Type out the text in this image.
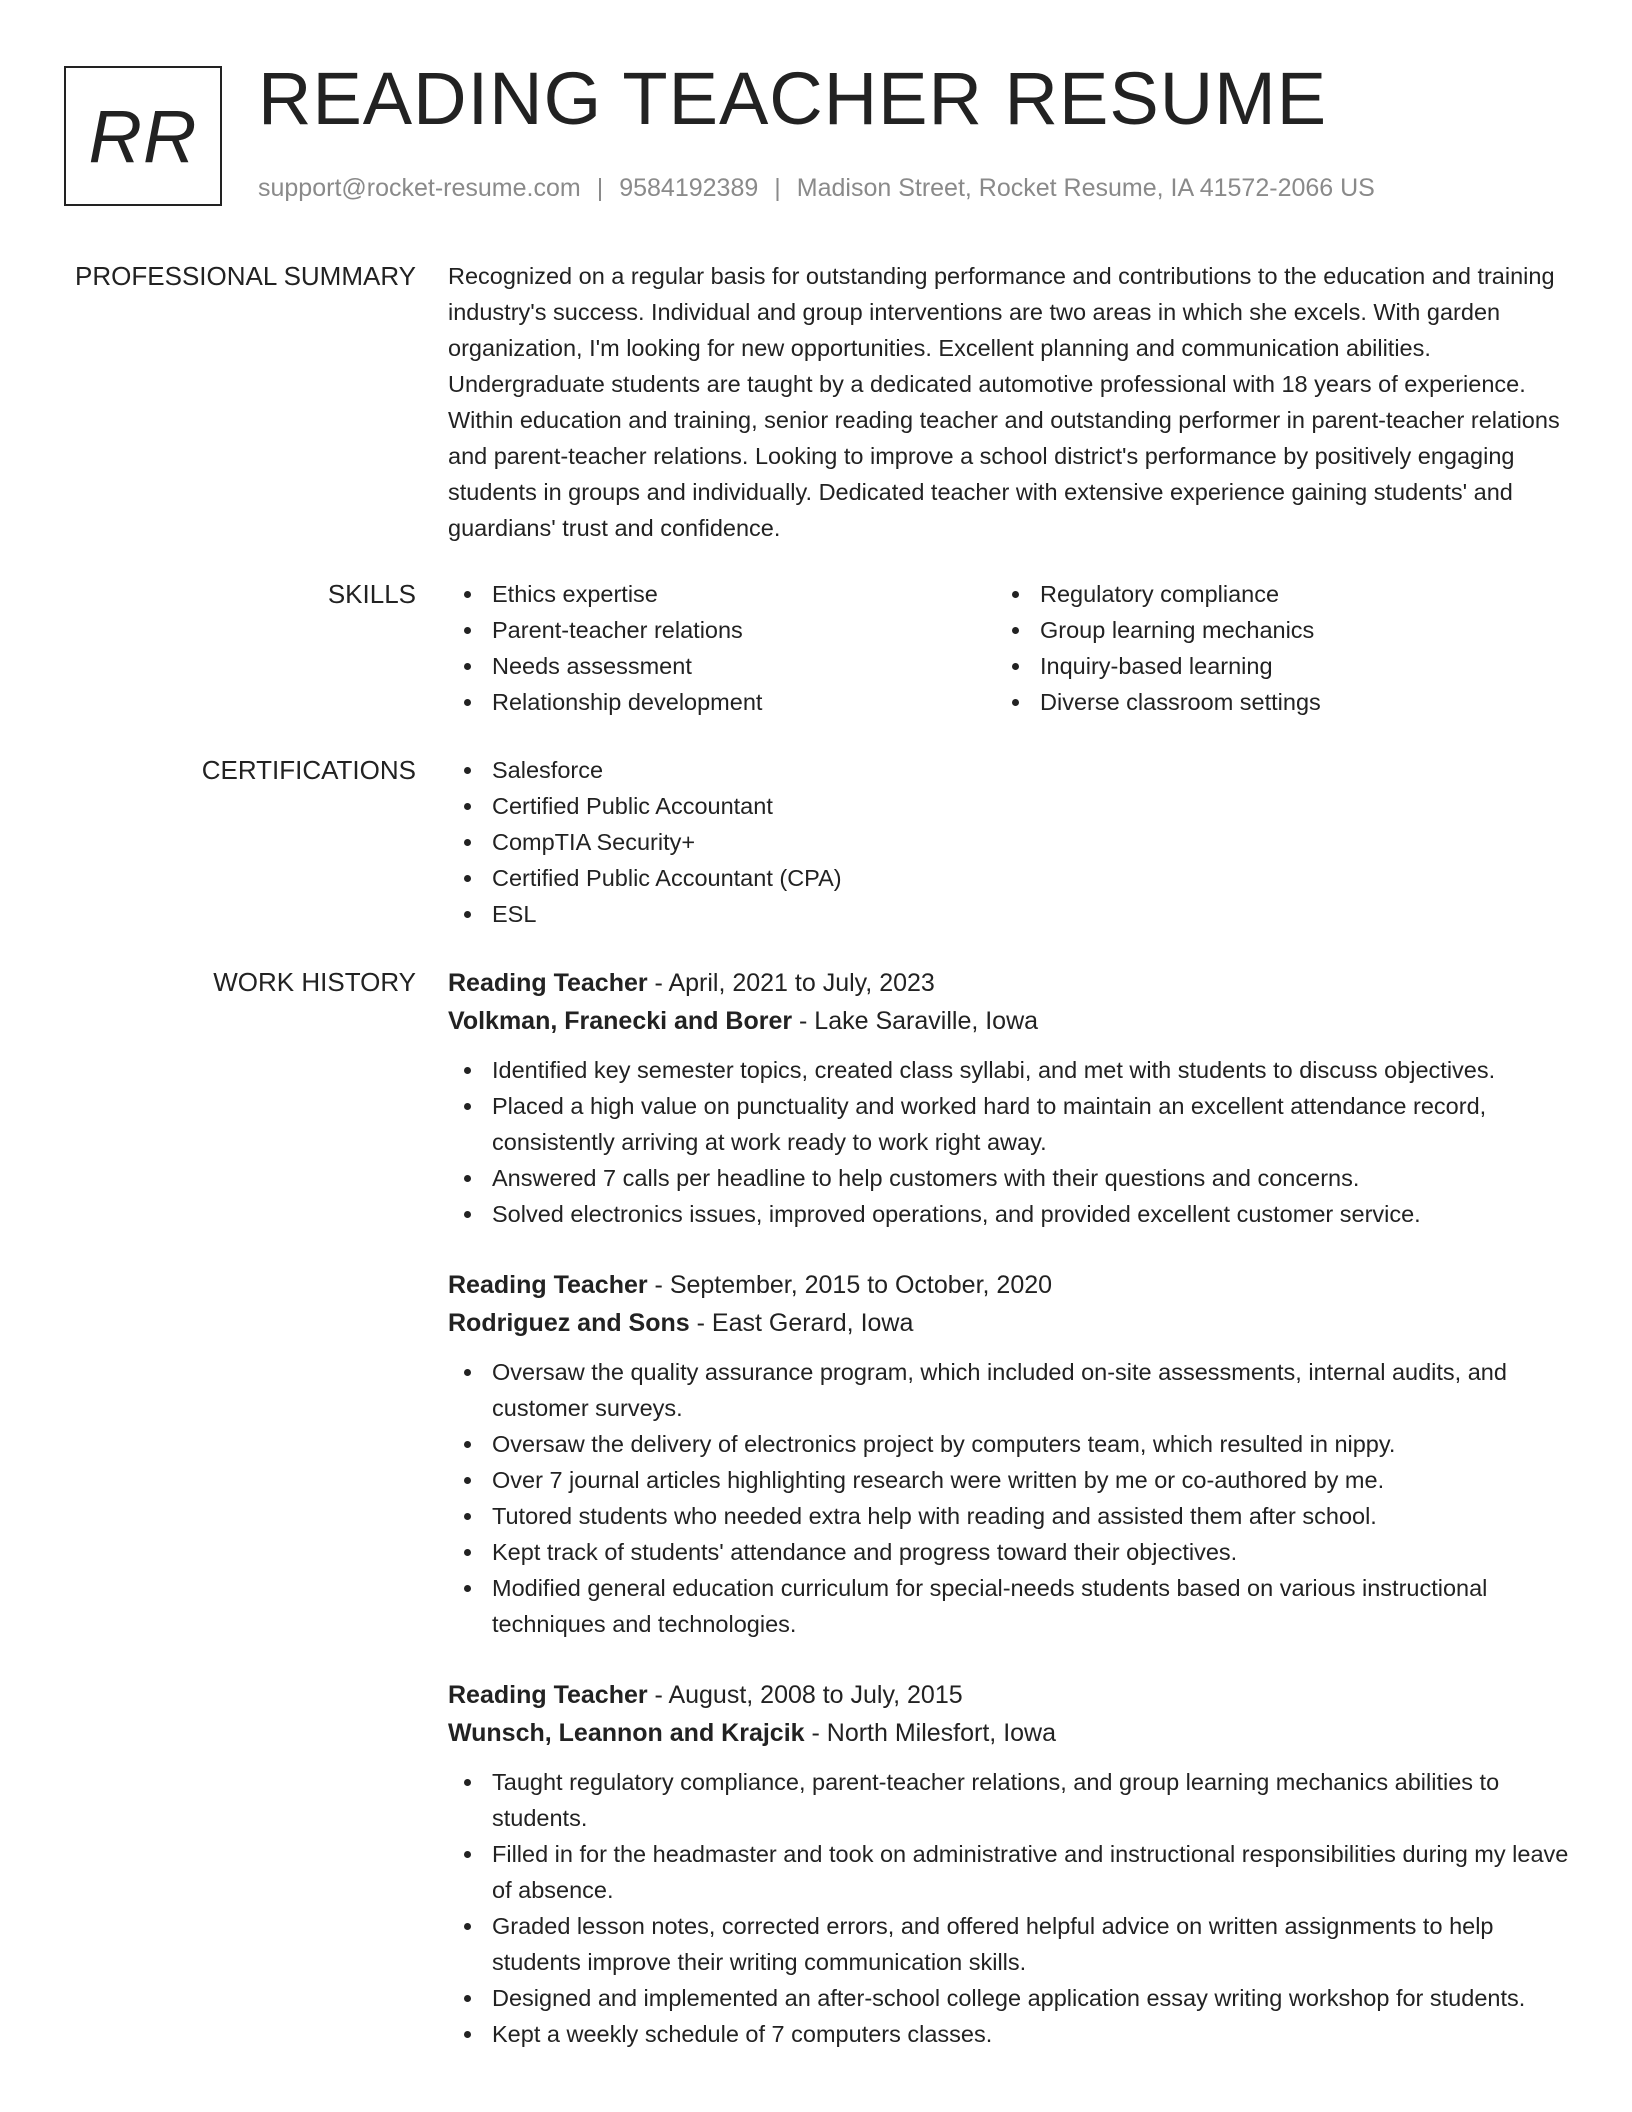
RR READING TEACHER RESUME
support@rocket-resume.com | 9584192389 | Madison Street, Rocket Resume, IA 41572-2066 US
PROFESSIONAL SUMMARY Recognized on a regular basis for outstanding performance and contributions to the education and training industry's success. Individual and group interventions are two areas in which she excels. With garden organization, I'm looking for new opportunities. Excellent planning and communication abilities. Undergraduate students are taught by a dedicated automotive professional with 18 years of experience. Within education and training, senior reading teacher and outstanding performer in parent-teacher relations and parent-teacher relations. Looking to improve a school district's performance by positively engaging students in groups and individually. Dedicated teacher with extensive experience gaining students' and guardians' trust and confidence.

SKILLS	Ethics expertise
Parent-teacher relations
Needs assessment
Relationship development
Regulatory compliance
Group learning mechanics
Inquiry-based learning
Diverse classroom settings
CERTIFICATIONS	Salesforce
Certified Public Accountant
CompTIA Security+
Certified Public Accountant (CPA)
ESL
WORK HISTORY Reading Teacher - April, 2021 to July, 2023
Volkman, Franecki and Borer - Lake Saraville, Iowa
Identified key semester topics, created class syllabi, and met with students to discuss objectives.
Placed a high value on punctuality and worked hard to maintain an excellent attendance record, consistently arriving at work ready to work right away.
Answered 7 calls per headline to help customers with their questions and concerns.
Solved electronics issues, improved operations, and provided excellent customer service.
Reading Teacher - September, 2015 to October, 2020
Rodriguez and Sons - East Gerard, Iowa
Oversaw the quality assurance program, which included on-site assessments, internal audits, and customer surveys.
Oversaw the delivery of electronics project by computers team, which resulted in nippy.
Over 7 journal articles highlighting research were written by me or co-authored by me.
Tutored students who needed extra help with reading and assisted them after school.
Kept track of students' attendance and progress toward their objectives.
Modified general education curriculum for special-needs students based on various instructional techniques and technologies.
Reading Teacher - August, 2008 to July, 2015
Wunsch, Leannon and Krajcik - North Milesfort, Iowa
Taught regulatory compliance, parent-teacher relations, and group learning mechanics abilities to students.
Filled in for the headmaster and took on administrative and instructional responsibilities during my leave of absence.
Graded lesson notes, corrected errors, and offered helpful advice on written assignments to help students improve their writing communication skills.
Designed and implemented an after-school college application essay writing workshop for students.
Kept a weekly schedule of 7 computers classes.
